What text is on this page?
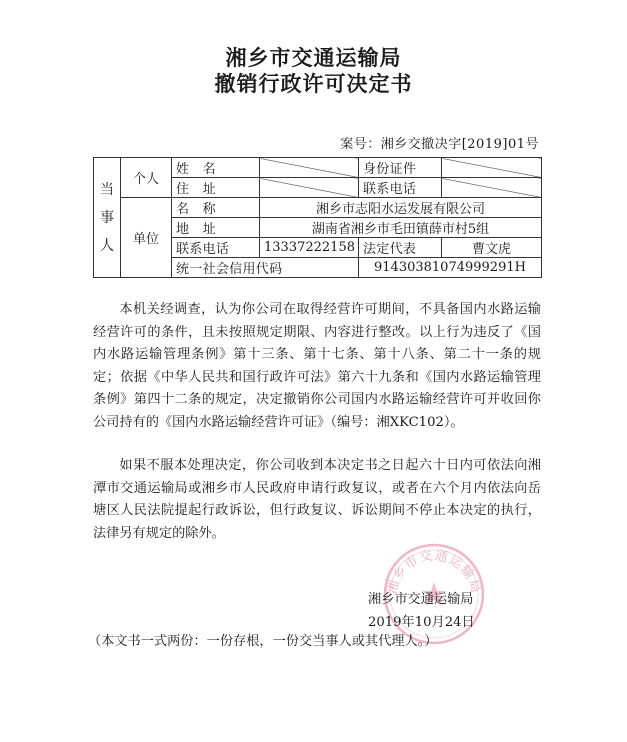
湘乡市交通运输局
撤销行政许可决定书
案号：湘乡交撤决字[2019]01号
当
事
人	个人	姓　名		身份证件	
		住　址		联系电话	
	单位	名　称	湘乡市志阳水运发展有限公司		
		地　址	湖南省湘乡市毛田镇薛市村5组		
		联系电话	13337222158	法定代表	曹文虎
		统一社会信用代码		91430381074999291H	

本机关经调查，认为你公司在取得经营许可期间，不具备国内水路运输经营许可的条件，且未按照规定期限、内容进行整改。以上行为违反了《国内水路运输管理条例》第十三条、第十七条、第十八条、第二十一条的规定；依据《中华人民共和国行政许可法》第六十九条和《国内水路运输管理条例》第四十二条的规定，决定撤销你公司国内水路运输经营许可并收回你公司持有的《国内水路运输经营许可证》（编号：湘XKC102）。

如果不服本处理决定，你公司收到本决定书之日起六十日内可依法向湘潭市交通运输局或湘乡市人民政府申请行政复议，或者在六个月内依法向岳塘区人民法院提起行政诉讼，但行政复议、诉讼期间不停止本决定的执行，法律另有规定的除外。

湘乡市交通运输局
湘乡市交通运输局
2019年10月24日
（本文书一式两份：一份存根，一份交当事人或其代理人。）
